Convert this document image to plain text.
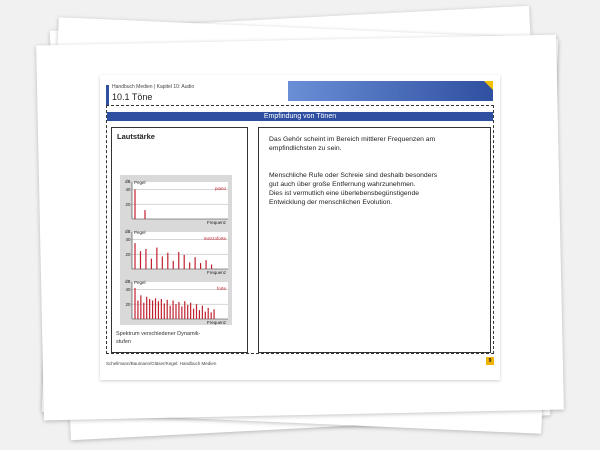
Handbuch Medien | Kapitel 10: Audio
10.1 Töne
Empfindung von Tönen
Lautstärke	Das Gehör scheint im Bereich mittlerer Frequenzen am
empfindlichsten zu sein.
Menschliche Rufe oder Schreie sind deshalb besonders
gut auch über große Entfernung wahrzunehmen.
Dies ist vermutlich eine überlebensbegünstigende
Entwicklung der menschlichen Evolution.
40
20
dB Pegel
piano
Frequenz
40
20
dB Pegel
mezzoforte
Frequenz
40
20
dB Pegel
forte
Frequenz
Spektrum verschiedener Dynamik-
stufen
Schellmann/Baumann/Gläser/Kegel: Handbuch Medien	9
